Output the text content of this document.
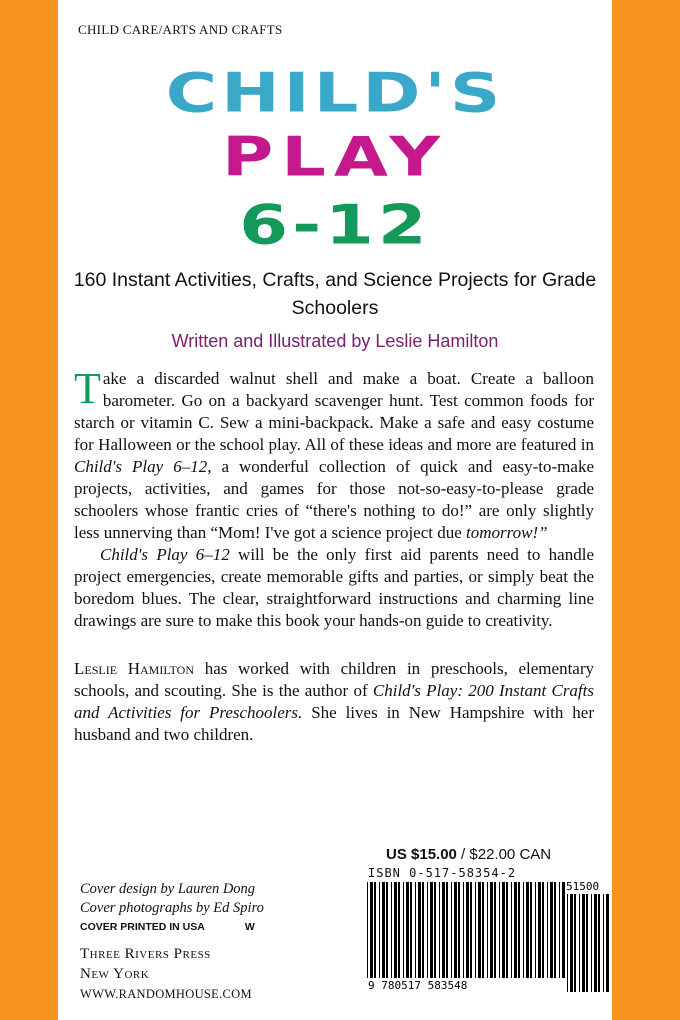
CHILD CARE/ARTS AND CRAFTS
CHILD'S
PLAY
6-12
160 Instant Activities, Crafts, and Science Projects for Grade Schoolers
Written and Illustrated by Leslie Hamilton

Take a discarded walnut shell and make a boat. Create a balloon barometer. Go on a backyard scavenger hunt. Test common foods for starch or vitamin C. Sew a mini-backpack. Make a safe and easy costume for Halloween or the school play. All of these ideas and more are featured in Child's Play 6–12, a wonderful collection of quick and easy-to-make projects, activities, and games for those not-so-easy-to-please grade schoolers whose frantic cries of “there's nothing to do!” are only slightly less unnerving than “Mom! I've got a science project due tomorrow!”

Child's Play 6–12 will be the only first aid parents need to handle project emergencies, create memorable gifts and parties, or simply beat the boredom blues. The clear, straightforward instructions and charming line drawings are sure to make this book your hands-on guide to creativity.

Leslie Hamilton has worked with children in preschools, elementary schools, and scouting. She is the author of Child's Play: 200 Instant Crafts and Activities for Preschoolers. She lives in New Hampshire with her husband and two children.

US $15.00 / $22.00 CAN
ISBN 0-517-58354-2
9 780517 583548
51500
Cover design by Lauren Dong
Cover photographs by Ed Spiro
COVER PRINTED IN USA	W
Three Rivers Press
New York
WWW.RANDOMHOUSE.COM
